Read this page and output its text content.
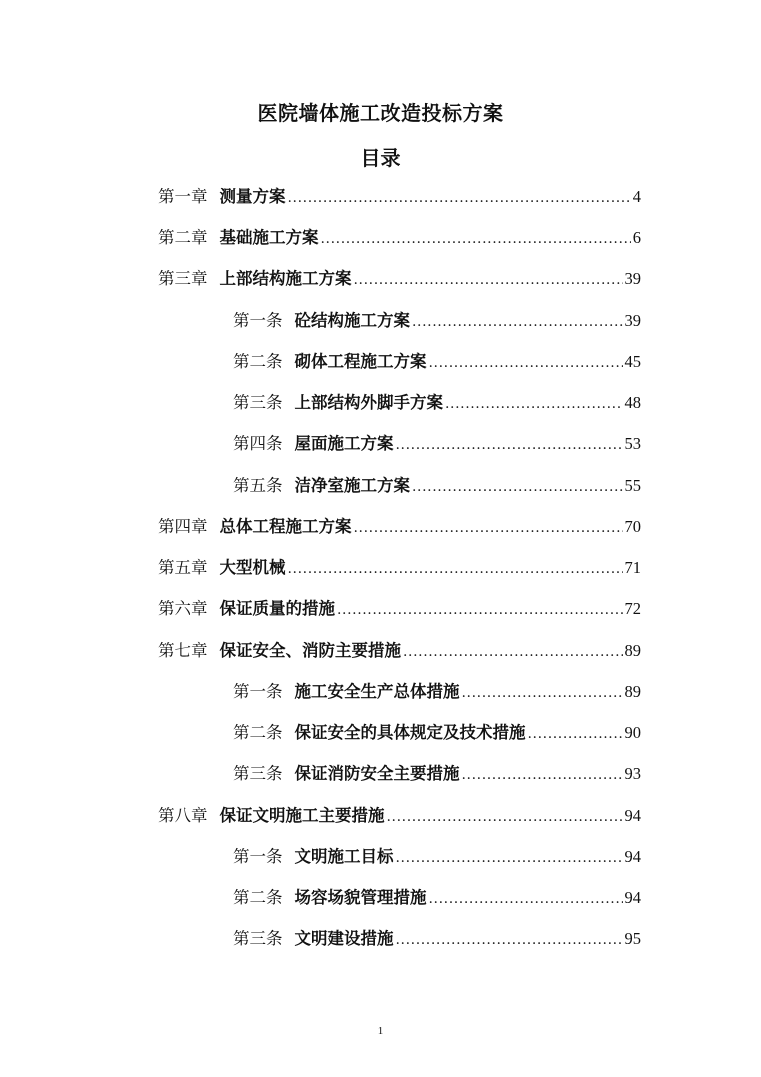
医院墙体施工改造投标方案
目录
第一章 测量方案 .....	4
第二章 基础施工方案 .....	6
第三章 上部结构施工方案 .....	39
第一条 砼结构施工方案 .....	39
第二条 砌体工程施工方案 .....	45
第三条 上部结构外脚手方案 .....	48
第四条 屋面施工方案 .....	53
第五条 洁净室施工方案 .....	55
第四章 总体工程施工方案 .....	70
第五章 大型机械 .....	71
第六章 保证质量的措施 .....	72
第七章 保证安全、消防主要措施 .....	89
第一条 施工安全生产总体措施 .....	89
第二条 保证安全的具体规定及技术措施 .....	90
第三条 保证消防安全主要措施 .....	93
第八章 保证文明施工主要措施 .....	94
第一条 文明施工目标 .....	94
第二条 场容场貌管理措施 .....	94
第三条 文明建设措施 .....	95
1
